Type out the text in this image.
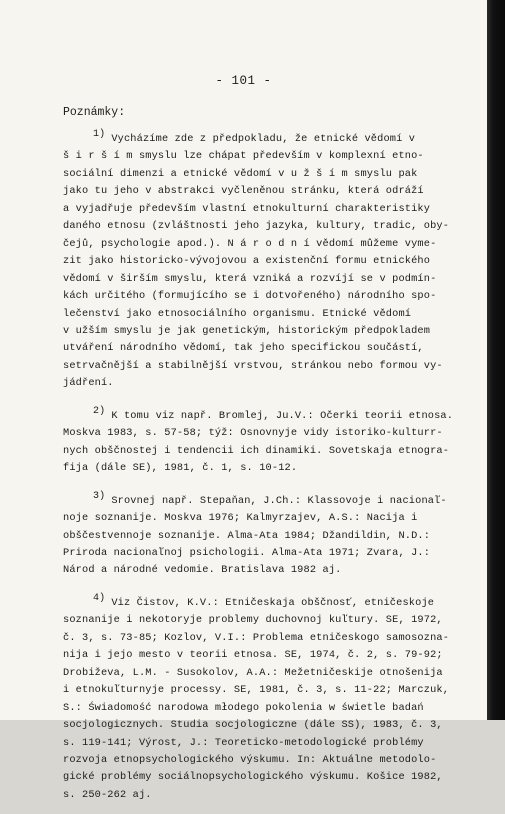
- 101 -
Poznámky:
1) Vycházíme zde z předpokladu, že etnické vědomí v
š i r š í m smyslu lze chápat především v komplexní etno-
sociální dimenzi a etnické vědomí v u ž š í m smyslu pak
jako tu jeho v abstrakci vyčleněnou stránku, která odráží
a vyjadřuje především vlastní etnokulturní charakteristiky
daného etnosu (zvláštnosti jeho jazyka, kultury, tradic, oby-
čejů, psychologie apod.). N á r o d n í vědomí můžeme vyme-
zit jako historicko-vývojovou a existenční formu etnického
vědomí v širším smyslu, která vzniká a rozvíjí se v podmín-
kách určitého (formujícího se i dotvořeného) národního spo-
lečenství jako etnosociálního organismu. Etnické vědomí
v užším smyslu je jak genetickým, historickým předpokladem
utváření národního vědomí, tak jeho specifickou součástí,
setrvačnější a stabilnější vrstvou, stránkou nebo formou vy-
jádření.
2) K tomu viz např. Bromlej, Ju.V.: Očerki teorii etnosa.
Moskva 1983, s. 57-58; týž: Osnovnyje vidy istoriko-kulturr-
nych obščnostej i tendencii ich dinamiki. Sovetskaja etnogra-
fija (dále SE), 1981, č. 1, s. 10-12.
3) Srovnej např. Stepaňan, J.Ch.: Klassovoje i nacionaľ-
noje soznanije. Moskva 1976; Kalmyrzajev, A.S.: Nacija i
obščestvennoje soznanije. Alma-Ata 1984; Džandildin, N.D.:
Priroda nacionaľnoj psichologii. Alma-Ata 1971; Zvara, J.:
Národ a národné vedomie. Bratislava 1982 aj.
4) Viz Čistov, K.V.: Etničeskaja obščnosť, etničeskoje
soznanije i nekotoryje problemy duchovnoj kuľtury. SE, 1972,
č. 3, s. 73-85; Kozlov, V.I.: Problema etničeskogo samosozna-
nija i jejo mesto v teorii etnosa. SE, 1974, č. 2, s. 79-92;
Drobiževa, L.M. - Susokolov, A.A.: Mežetničeskije otnošenija
i etnokuľturnyje processy. SE, 1981, č. 3, s. 11-22; Marczuk,
S.: Świadomość narodowa młodego pokolenia w świetle badań
socjologicznych. Studia socjologiczne (dále SS), 1983, č. 3,
s. 119-141; Výrost, J.: Teoreticko-metodologické problémy
rozvoja etnopsychologického výskumu. In: Aktuálne metodolo-
gické problémy sociálnopsychologického výskumu. Košice 1982,
s. 250-262 aj.
